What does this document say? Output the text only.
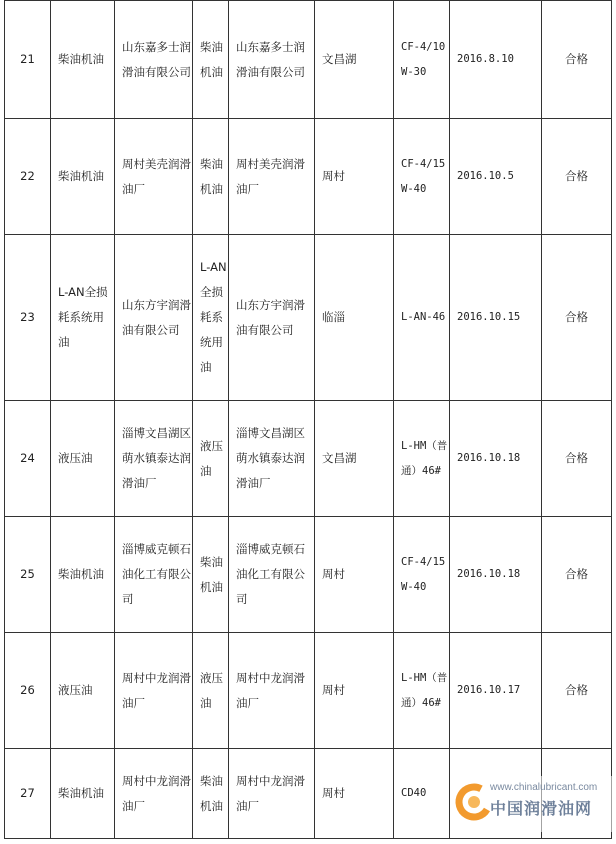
21	柴油机油	山东嘉多士润滑油有限公司	柴油机油	山东嘉多士润滑油有限公司	文昌湖	CF-4/10W-30	2016.8.10	合格
22	柴油机油	周村美壳润滑油厂	柴油机油	周村美壳润滑油厂	周村	CF-4/15W-40	2016.10.5	合格
23	L-AN全损耗系统用油	山东方宇润滑油有限公司	L-AN全损耗系统用油	山东方宇润滑油有限公司	临淄	L-AN-46	2016.10.15	合格
24	液压油	淄博文昌湖区萌水镇泰达润滑油厂	液压油	淄博文昌湖区萌水镇泰达润滑油厂	文昌湖	L-HM（普通）46#	2016.10.18	合格
25	柴油机油	淄博威克顿石油化工有限公司	柴油机油	淄博威克顿石油化工有限公司	周村	CF-4/15W-40	2016.10.18	合格
26	液压油	周村中龙润滑油厂	液压油	周村中龙润滑油厂	周村	L-HM（普通）46#	2016.10.17	合格
27	柴油机油	周村中龙润滑油厂	柴油机油	周村中龙润滑油厂	周村	CD40			www.chinalubricant.com
中国润滑油网
